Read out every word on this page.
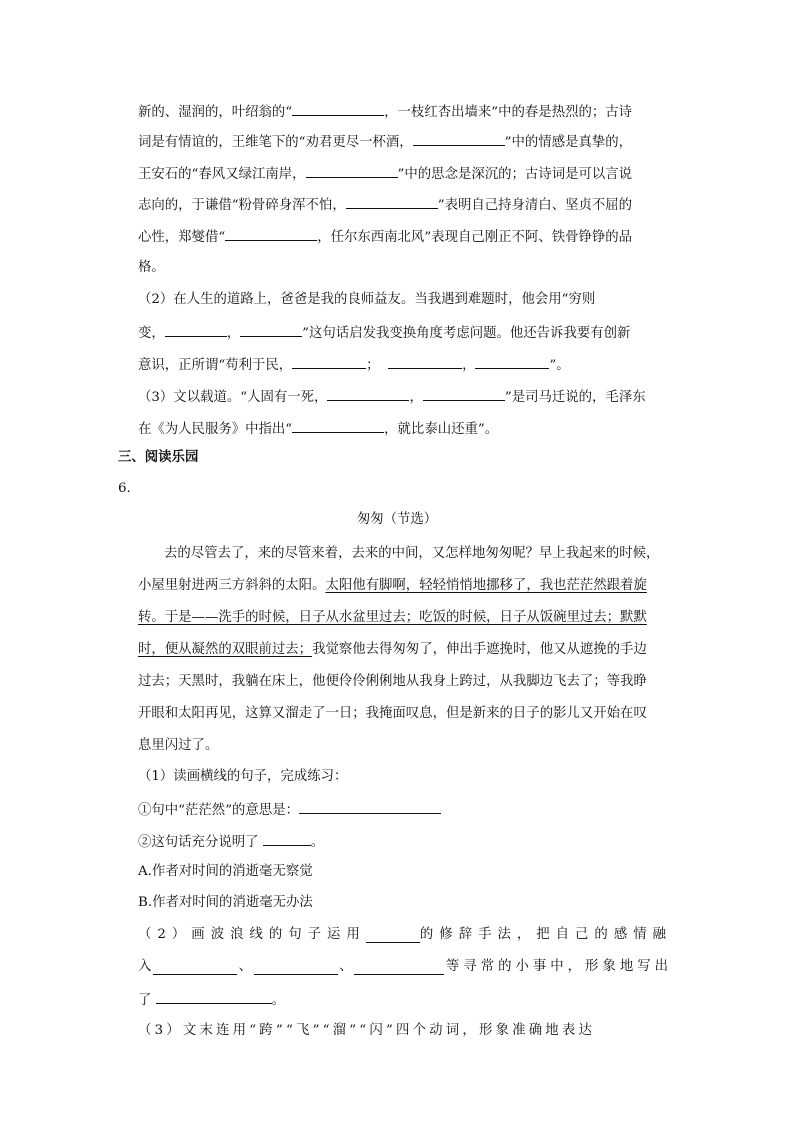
新的、湿润的，叶绍翁的“	，一枝红杏出墙来”中的春是热烈的；古诗
词是有情谊的，王维笔下的“劝君更尽一杯酒，	”中的情感是真挚的，
王安石的“春风又绿江南岸，	”中的思念是深沉的；古诗词是可以言说
志向的，于谦借“粉骨碎身浑不怕，	”表明自己持身清白、坚贞不屈的
心性，郑燮借“	，任尔东西南北风”表现自己刚正不阿、铁骨铮铮的品
格。
（2）在人生的道路上，爸爸是我的良师益友。当我遇到难题时，他会用“穷则
变，	，	”这句话启发我变换角度考虑问题。他还告诉我要有创新
意识，正所谓“苟利于民，	；	，	”。
（3）文以载道。“人固有一死，	，	”是司马迁说的，毛泽东
在《为人民服务》中指出“	，就比泰山还重”。
三、阅读乐园
6.
匆匆（节选）
去的尽管去了，来的尽管来着，去来的中间，又怎样地匆匆呢？早上我起来的时候，
小屋里射进两三方斜斜的太阳。太阳他有脚啊，轻轻悄悄地挪移了，我也茫茫然跟着旋
转。于是——洗手的时候，日子从水盆里过去；吃饭的时候，日子从饭碗里过去；默默
时，便从凝然的双眼前过去；我觉察他去得匆匆了，伸出手遮挽时，他又从遮挽的手边
过去；天黑时，我躺在床上，他便伶伶俐俐地从我身上跨过，从我脚边飞去了；等我睁
开眼和太阳再见，这算又溜走了一日；我掩面叹息，但是新来的日子的影儿又开始在叹
息里闪过了。
（1）读画横线的句子，完成练习：
①句中“茫茫然”的意思是：
②这句话充分说明了	。
A.作者对时间的消逝毫无察觉
B.作者对时间的消逝毫无办法
（2）画波浪线的句子运用	的修辞手法，把自己的感情融
入	、	、	等寻常的小事中，形象地写出
了	。
（3）文末连用“跨”“飞”“溜”“闪”四个动词，形象准确地表达
